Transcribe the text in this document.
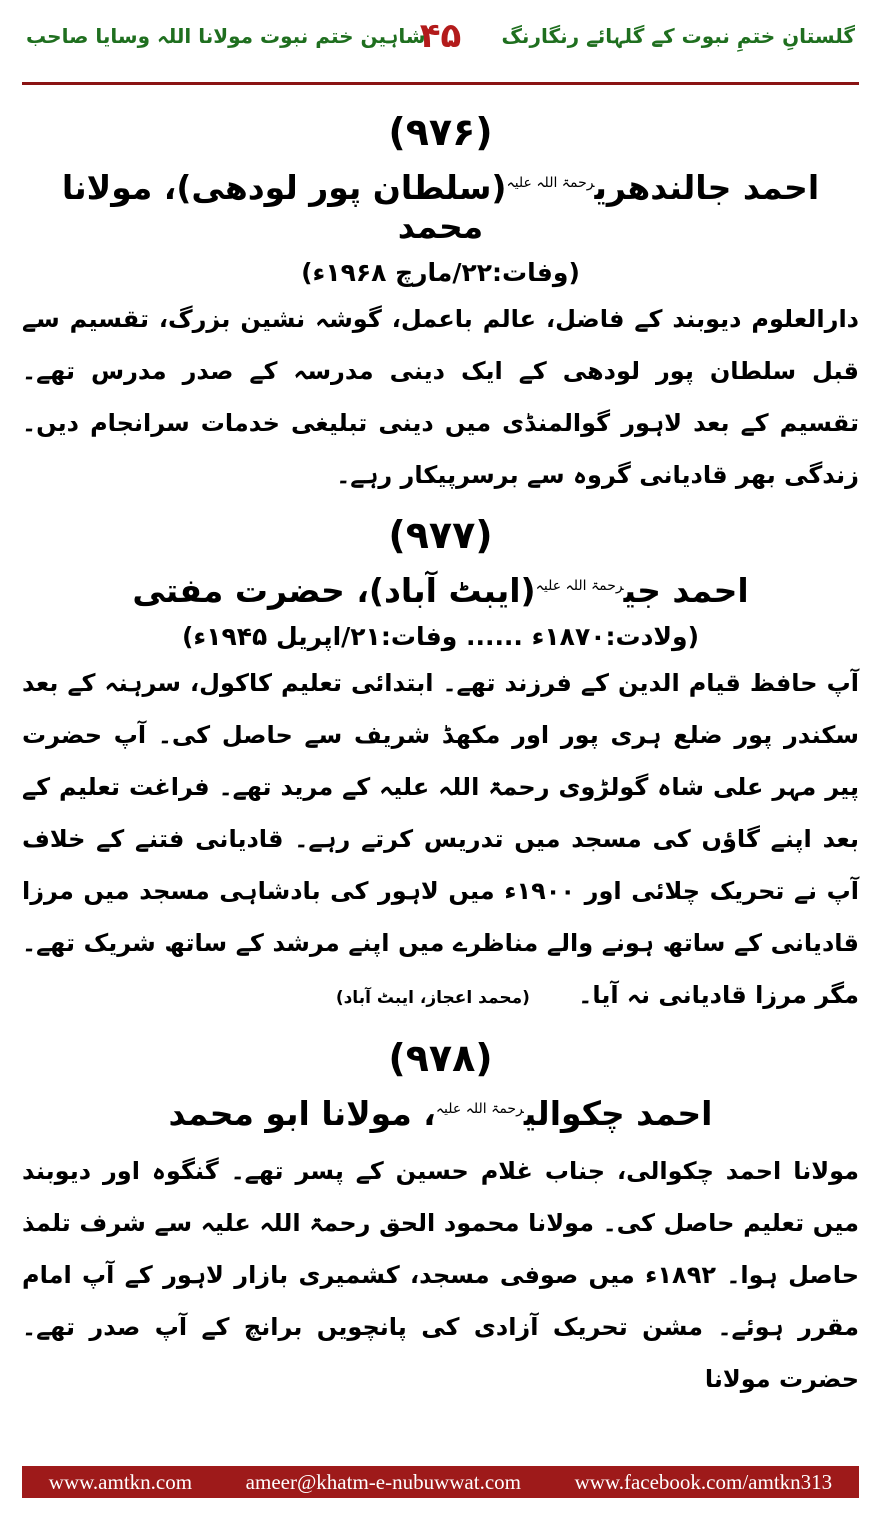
گلستانِ ختمِ نبوت کے گلہائے رنگارنگ
۴۵
شاہین ختم نبوت مولانا اللہ وسایا صاحب
(۹۷۶)
احمد جالندھری$^{رحمۃ اللہ علیہ}$(سلطان پور لودھی)، مولانا محمد
(وفات:۲۲/مارچ ۱۹۶۸ء)

دارالعلوم دیوبند کے فاضل، عالم باعمل، گوشہ نشین بزرگ، تقسیم سے قبل سلطان پور لودھی کے ایک دینی مدرسہ کے صدر مدرس تھے۔ تقسیم کے بعد لاہور گوالمنڈی میں دینی تبلیغی خدمات سرانجام دیں۔ زندگی بھر قادیانی گروہ سے برسرپیکار رہے۔

(۹۷۷)
احمد جی$^{رحمۃ اللہ علیہ}$(ایبٹ آباد)، حضرت مفتی
(ولادت:۱۸۷۰ء ...... وفات:۲۱/اپریل ۱۹۴۵ء)

آپ حافظ قیام الدین کے فرزند تھے۔ ابتدائی تعلیم کاکول، سرہنہ کے بعد سکندر پور ضلع ہری پور اور مکھڈ شریف سے حاصل کی۔ آپ حضرت پیر مہر علی شاہ گولڑوی رحمۃ اللہ علیہ کے مرید تھے۔ فراغت تعلیم کے بعد اپنے گاؤں کی مسجد میں تدریس کرتے رہے۔ قادیانی فتنے کے خلاف آپ نے تحریک چلائی اور ۱۹۰۰ء میں لاہور کی بادشاہی مسجد میں مرزا قادیانی کے ساتھ ہونے والے مناظرے میں اپنے مرشد کے ساتھ شریک تھے۔ مگر مرزا قادیانی نہ آیا۔ (محمد اعجاز، ایبٹ آباد)

(۹۷۸)
احمد چکوالی$^{رحمۃ اللہ علیہ}$، مولانا ابو محمد

مولانا احمد چکوالی، جناب غلام حسین کے پسر تھے۔ گنگوہ اور دیوبند میں تعلیم حاصل کی۔ مولانا محمود الحق رحمۃ اللہ علیہ سے شرف تلمذ حاصل ہوا۔ ۱۸۹۲ء میں صوفی مسجد، کشمیری بازار لاہور کے آپ امام مقرر ہوئے۔ مشن تحریک آزادی کی پانچویں برانچ کے آپ صدر تھے۔ حضرت مولانا

www.amtkn.com	ameer@khatm-e-nubuwwat.com	www.facebook.com/amtkn313
